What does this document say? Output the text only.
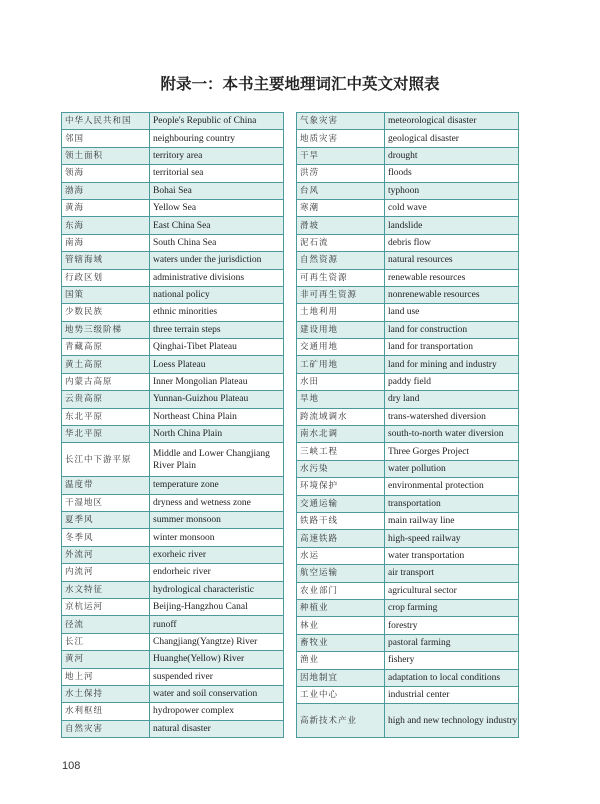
附录一：本书主要地理词汇中英文对照表
中华人民共和国	People's Republic of China
邻国	neighbouring country
领土面积	territory area
领海	territorial sea
渤海	Bohai Sea
黄海	Yellow Sea
东海	East China Sea
南海	South China Sea
管辖海域	waters under the jurisdiction
行政区划	administrative divisions
国策	national policy
少数民族	ethnic minorities
地势三级阶梯	three terrain steps
青藏高原	Qinghai-Tibet Plateau
黄土高原	Loess Plateau
内蒙古高原	Inner Mongolian Plateau
云贵高原	Yunnan-Guizhou Plateau
东北平原	Northeast China Plain
华北平原	North China Plain
长江中下游平原	Middle and Lower Changjiang River Plain
温度带	temperature zone
干湿地区	dryness and wetness zone
夏季风	summer monsoon
冬季风	winter monsoon
外流河	exorheic river
内流河	endorheic river
水文特征	hydrological characteristic
京杭运河	Beijing-Hangzhou Canal
径流	runoff
长江	Changjiang(Yangtze) River
黄河	Huanghe(Yellow) River
地上河	suspended river
水土保持	water and soil conservation
水利枢纽	hydropower complex
自然灾害	natural disaster
气象灾害	meteorological disaster
地质灾害	geological disaster
干旱	drought
洪涝	floods
台风	typhoon
寒潮	cold wave
滑坡	landslide
泥石流	debris flow
自然资源	natural resources
可再生资源	renewable resources
非可再生资源	nonrenewable resources
土地利用	land use
建设用地	land for construction
交通用地	land for transportation
工矿用地	land for mining and industry
水田	paddy field
旱地	dry land
跨流域调水	trans-watershed diversion
南水北调	south-to-north water diversion
三峡工程	Three Gorges Project
水污染	water pollution
环境保护	environmental protection
交通运输	transportation
铁路干线	main railway line
高速铁路	high-speed railway
水运	water transportation
航空运输	air transport
农业部门	agricultural sector
种植业	crop farming
林业	forestry
畜牧业	pastoral farming
渔业	fishery
因地制宜	adaptation to local conditions
工业中心	industrial center
高新技术产业	high and new technology industry
108
